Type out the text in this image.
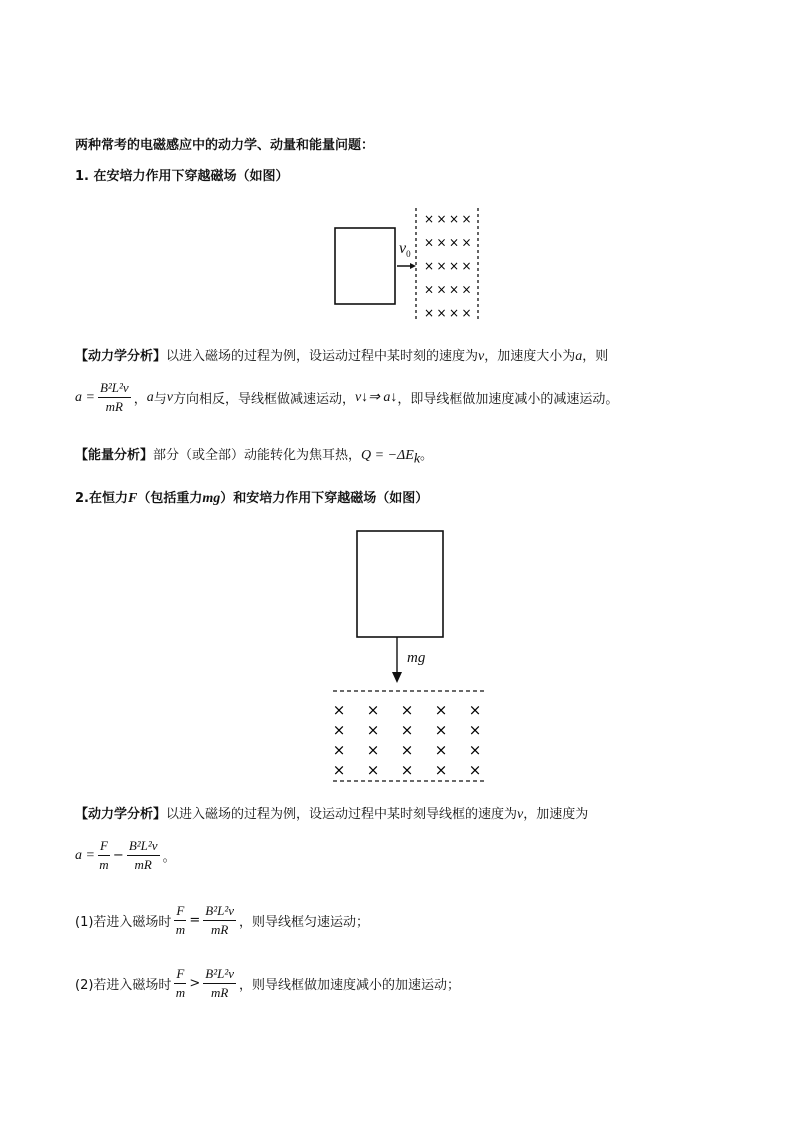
两种常考的电磁感应中的动力学、动量和能量问题：
1. 在安培力作用下穿越磁场（如图）
× × × ×
× × × ×
× × × ×
× × × ×
× × × ×
$v_0$
【动力学分析】以进入磁场的过程为例，设运动过程中某时刻的速度为v，加速度大小为a，则
$a = \frac{\text{B²L²v}}{mR}$ ， a 与 v 方向相反，导线框做减速运动， v↓⇒ a↓ ，即导线框做加速度减小的减速运动。
【能量分析】部分（或全部）动能转化为焦耳热，$Q = -\Delta E_k$。
2.在恒力F（包括重力mg）和安培力作用下穿越磁场（如图）
× × × × ×
× × × × ×
× × × × ×
× × × × ×
mg
【动力学分析】以进入磁场的过程为例，设运动过程中某时刻导线框的速度为v，加速度为
$a = \frac{F}{m} - \frac{\text{B²L²v}}{mR}$ 。
(1)若进入磁场时 $\frac{F}{m} = \frac{\text{B²L²v}}{mR}$ ，则导线框匀速运动；
(2)若进入磁场时 $\frac{F}{m} > \frac{\text{B²L²v}}{mR}$ ，则导线框做加速度减小的加速运动；
